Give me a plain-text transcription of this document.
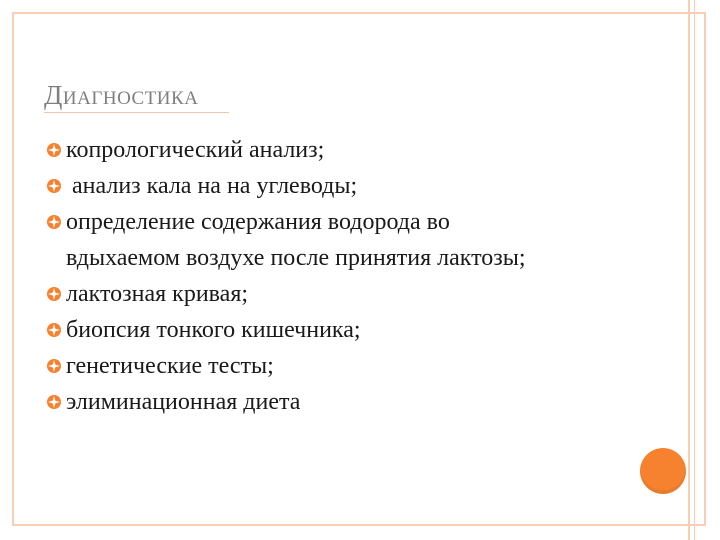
ДИАГНОСТИКА
копрологический анализ;
анализ кала на на углеводы;
определение содержания водорода во
вдыхаемом воздухе после принятия лактозы;
лактозная кривая;
биопсия тонкого кишечника;
генетические тесты;
элиминационная диета
